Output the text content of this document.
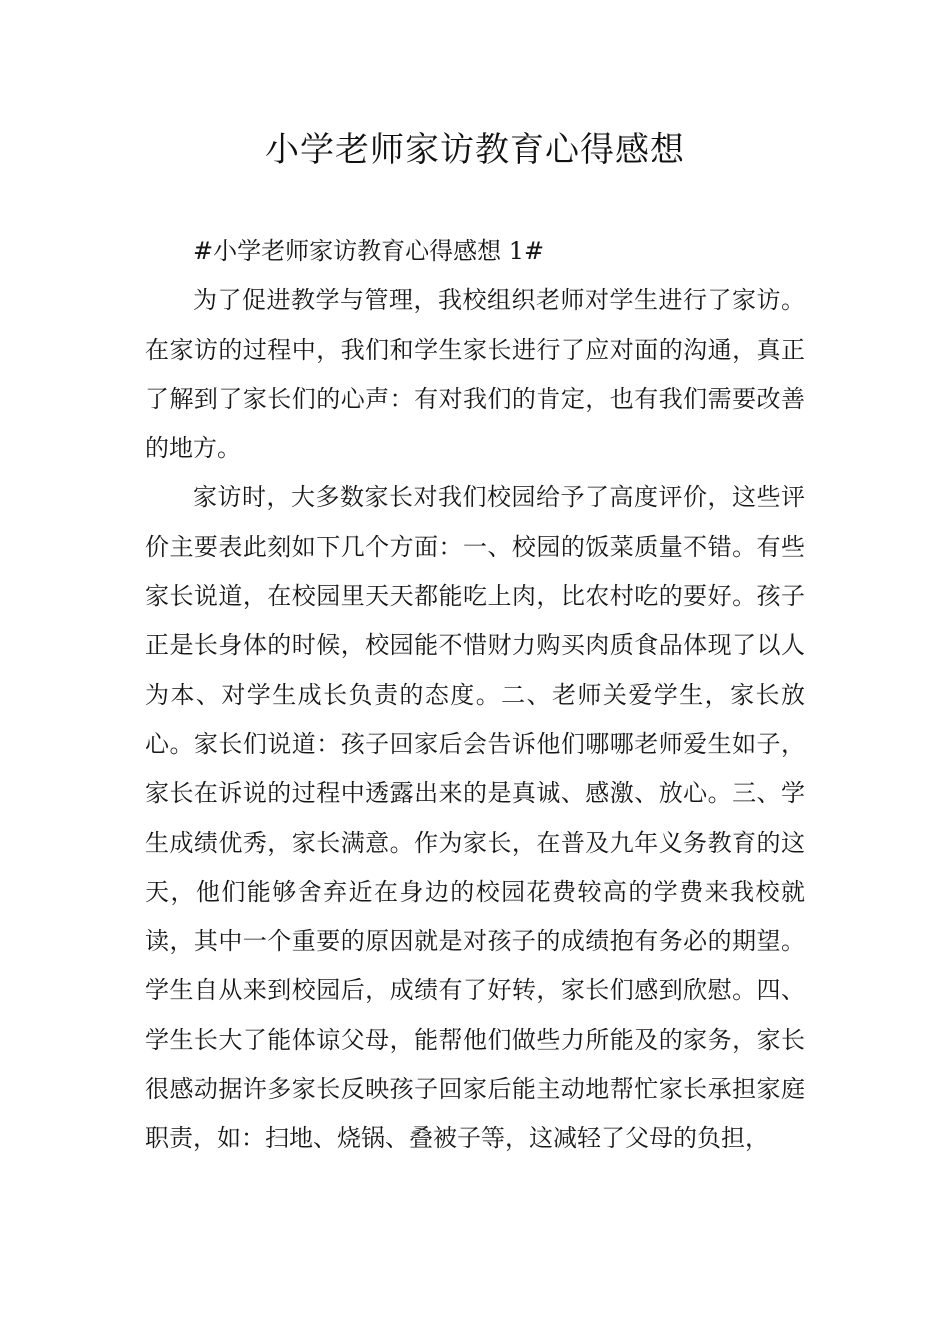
小学老师家访教育心得感想

#小学老师家访教育心得感想 1#

为了促进教学与管理，我校组织老师对学生进行了家访。在家访的过程中，我们和学生家长进行了应对面的沟通，真正了解到了家长们的心声：有对我们的肯定，也有我们需要改善的地方。

家访时，大多数家长对我们校园给予了高度评价，这些评价主要表此刻如下几个方面：一、校园的饭菜质量不错。有些家长说道，在校园里天天都能吃上肉，比农村吃的要好。孩子正是长身体的时候，校园能不惜财力购买肉质食品体现了以人为本、对学生成长负责的态度。二、老师关爱学生，家长放心。家长们说道：孩子回家后会告诉他们哪哪老师爱生如子，家长在诉说的过程中透露出来的是真诚、感激、放心。三、学生成绩优秀，家长满意。作为家长，在普及九年义务教育的这天，他们能够舍弃近在身边的校园花费较高的学费来我校就读，其中一个重要的原因就是对孩子的成绩抱有务必的期望。学生自从来到校园后，成绩有了好转，家长们感到欣慰。四、学生长大了能体谅父母，能帮他们做些力所能及的家务，家长很感动据许多家长反映孩子回家后能主动地帮忙家长承担家庭职责，如：扫地、烧锅、叠被子等，这减轻了父母的负担，
